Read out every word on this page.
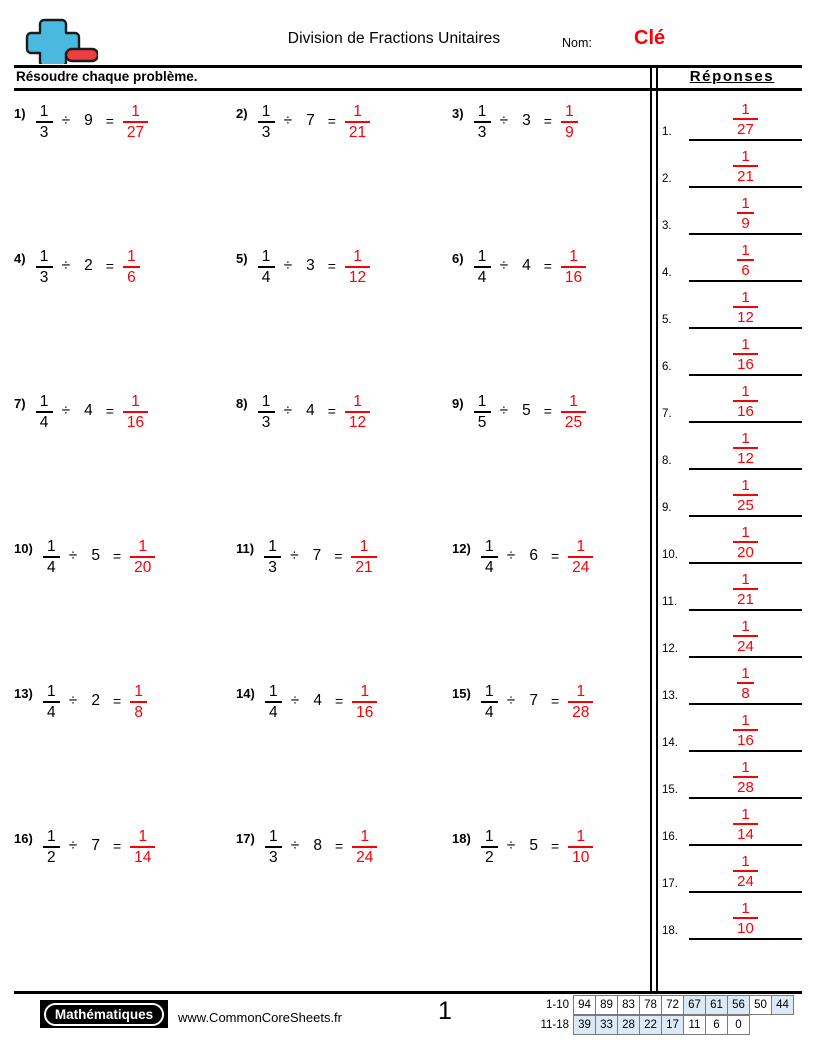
Division de Fractions Unitaires	Nom: Clé
Résoudre chaque problème.
$1) \frac{1}{3} \div 9 = \frac{1}{27}$	$2) \frac{1}{3} \div 7 = \frac{1}{21}$	$3) \frac{1}{3} \div 3 = \frac{1}{9}$
$4) \frac{1}{3} \div 2 = \frac{1}{6}$	$5) \frac{1}{4} \div 3 = \frac{1}{12}$	$6) \frac{1}{4} \div 4 = \frac{1}{16}$
$7) \frac{1}{4} \div 4 = \frac{1}{16}$	$8) \frac{1}{3} \div 4 = \frac{1}{12}$	$9) \frac{1}{5} \div 5 = \frac{1}{25}$
$10) \frac{1}{4} \div 5 = \frac{1}{20}$	$11) \frac{1}{3} \div 7 = \frac{1}{21}$	$12) \frac{1}{4} \div 6 = \frac{1}{24}$
$13) \frac{1}{4} \div 2 = \frac{1}{8}$	$14) \frac{1}{4} \div 4 = \frac{1}{16}$	$15) \frac{1}{4} \div 7 = \frac{1}{28}$
$16) \frac{1}{2} \div 7 = \frac{1}{14}$	$17) \frac{1}{3} \div 8 = \frac{1}{24}$	$18) \frac{1}{2} \div 5 = \frac{1}{10}$
Réponses
1.	$\frac{1}{27}$
2.	$\frac{1}{21}$
3.	$\frac{1}{9}$
4.	$\frac{1}{6}$
5.	$\frac{1}{12}$
6.	$\frac{1}{16}$
7.	$\frac{1}{16}$
8.	$\frac{1}{12}$
9.	$\frac{1}{25}$
10.	$\frac{1}{20}$
11.	$\frac{1}{21}$
12.	$\frac{1}{24}$
13.	$\frac{1}{8}$
14.	$\frac{1}{16}$
15.	$\frac{1}{28}$
16.	$\frac{1}{14}$
17.	$\frac{1}{24}$
18.	$\frac{1}{10}$
Mathématiques www.CommonCoreSheets.fr	1	1-10 94 89 83 78 72 67 61 56 50 44
11-18 39 33 28 22 17 11	6	0
